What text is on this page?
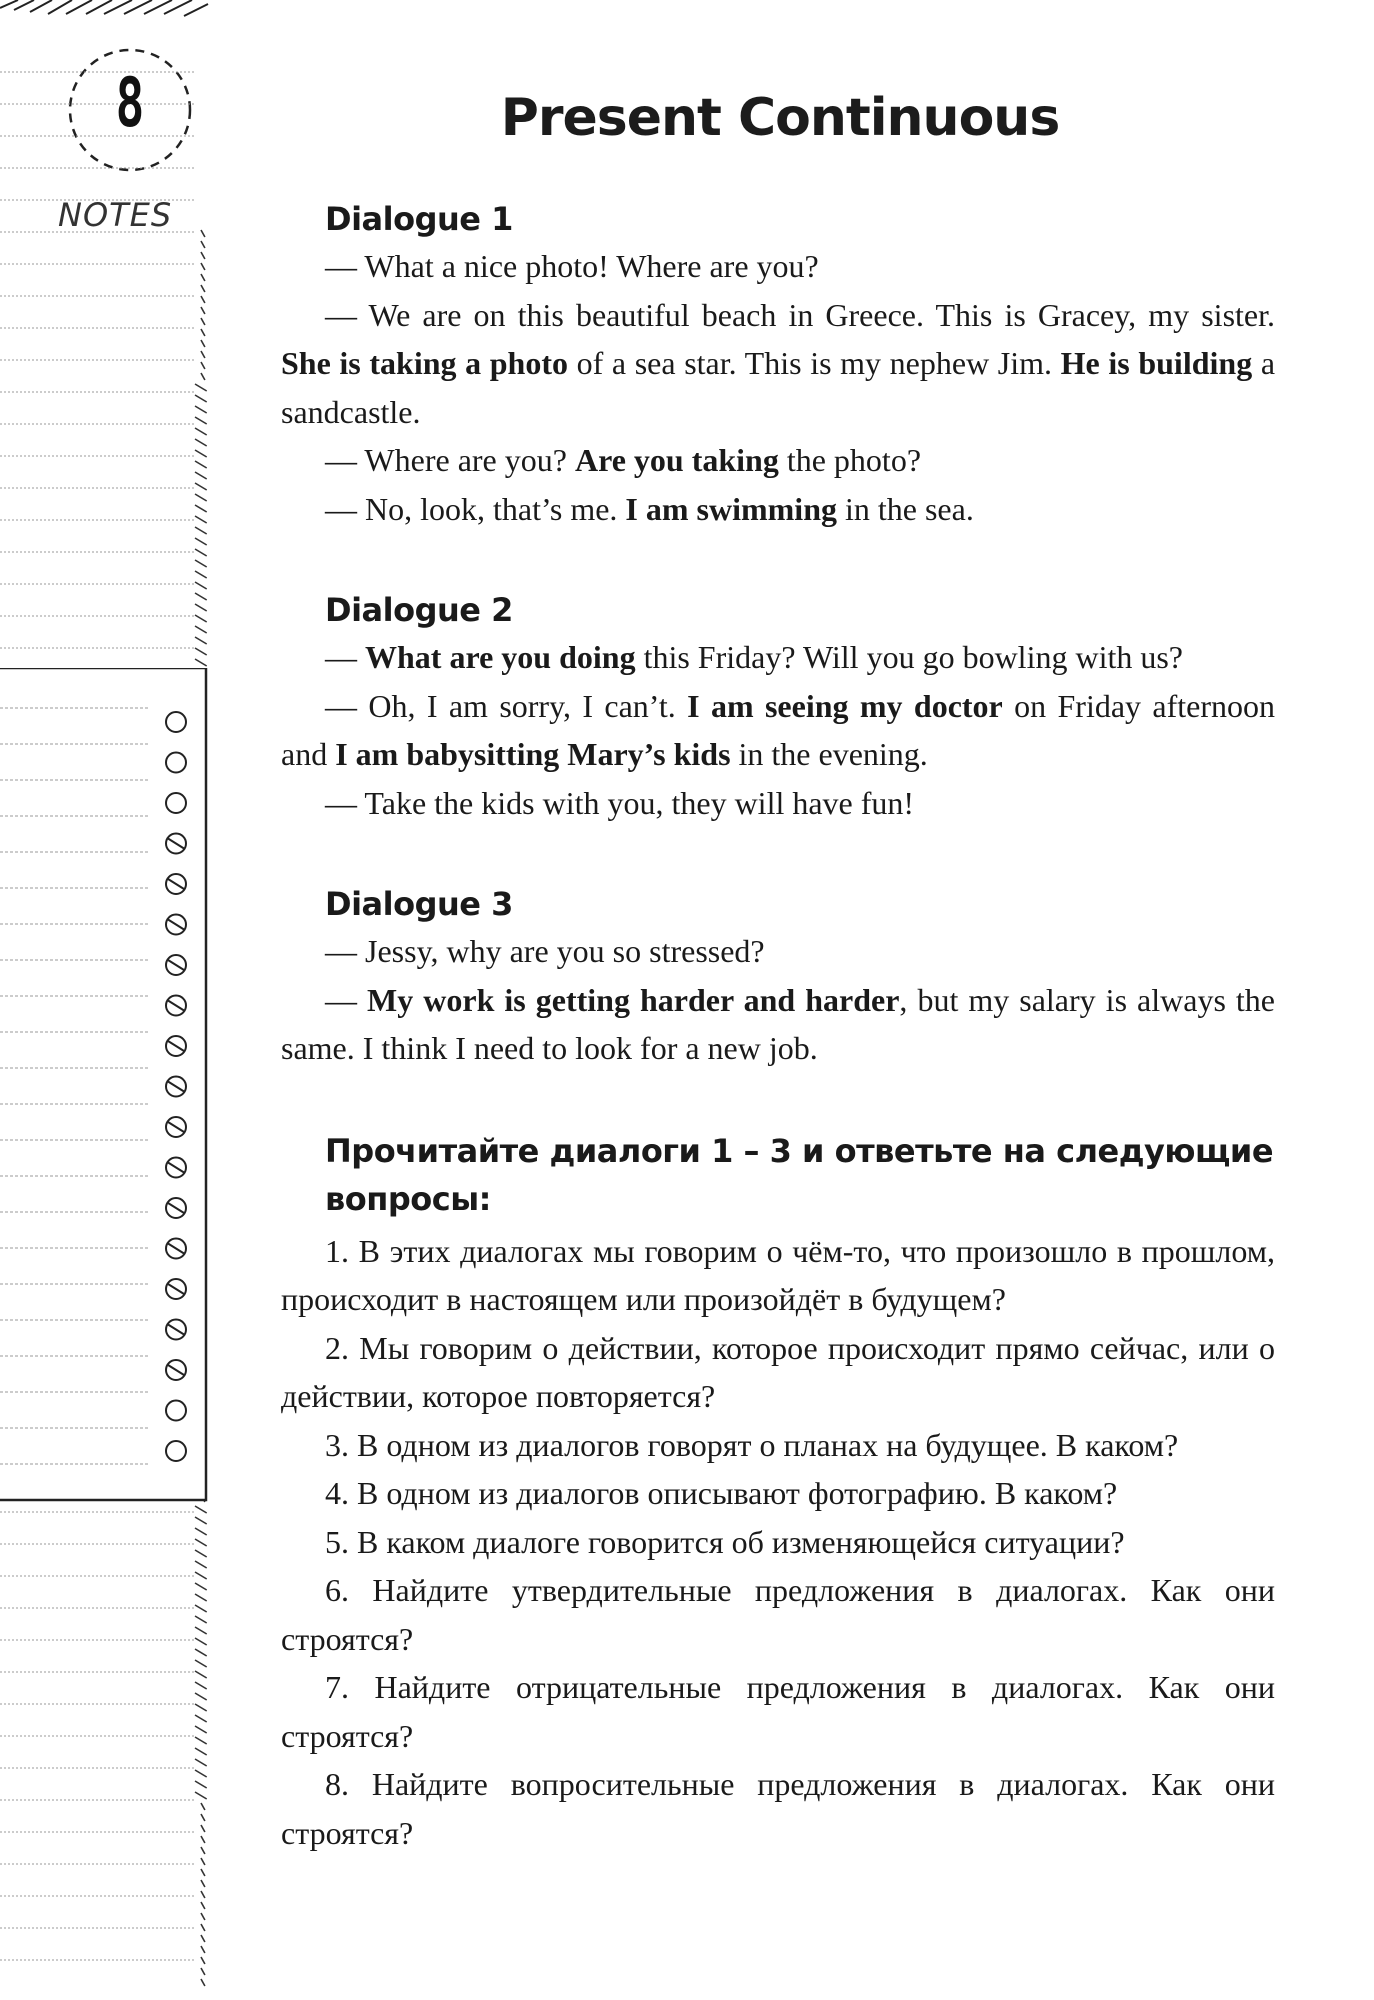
8
NOTES
Present Continuous
Dialogue 1

— What a nice photo! Where are you?

— We are on this beautiful beach in Greece. This is Gracey, my sister. She is taking a photo of a sea star. This is my nephew Jim. He is building a sandcastle.

— Where are you? Are you taking the photo?

— No, look, that’s me. I am swimming in the sea.

Dialogue 2

— What are you doing this Friday? Will you go bowling with us?

— Oh, I am sorry, I can’t. I am seeing my doctor on Friday afternoon and I am babysitting Mary’s kids in the evening.

— Take the kids with you, they will have fun!

Dialogue 3

— Jessy, why are you so stressed?

— My work is getting harder and harder, but my salary is always the same. I think I need to look for a new job.

Прочитайте диалоги 1 – 3 и ответьте на следующие вопросы:

1. В этих диалогах мы говорим о чём-то, что произошло в прошлом, происходит в настоящем или произойдёт в будущем?

2. Мы говорим о действии, которое происходит прямо сейчас, или о действии, которое повторяется?

3. В одном из диалогов говорят о планах на будущее. В каком?

4. В одном из диалогов описывают фотографию. В каком?

5. В каком диалоге говорится об изменяющейся ситуации?

6. Найдите утвердительные предложения в диалогах. Как они строятся?

7. Найдите отрицательные предложения в диалогах. Как они строятся?

8. Найдите вопросительные предложения в диалогах. Как они строятся?
